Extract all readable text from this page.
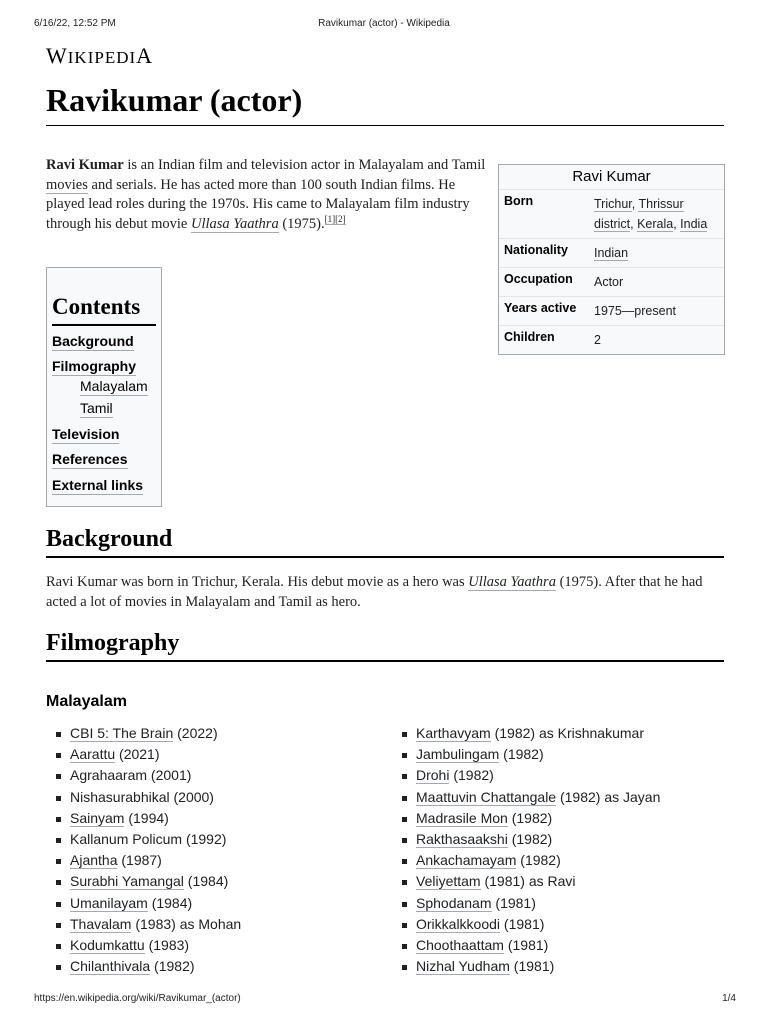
6/16/22, 12:52 PM	Ravikumar (actor) - Wikipedia
WIKIPEDIA
Ravikumar (actor)
Ravi Kumar is an Indian film and television actor in Malayalam and Tamil movies and serials. He has acted more than 100 south Indian films. He played lead roles during the 1970s. His came to Malayalam film industry through his debut movie Ullasa Yaathra (1975).[1][2]
Ravi Kumar
Born	Trichur, Thrissur district, Kerala, India
Nationality	Indian
Occupation	Actor
Years active	1975—present
Children	2
Contents
Background
Filmography
Malayalam
Tamil
Television
References
External links
Background
Ravi Kumar was born in Trichur, Kerala. His debut movie as a hero was Ullasa Yaathra (1975). After that he had acted a lot of movies in Malayalam and Tamil as hero.
Filmography
Malayalam
CBI 5: The Brain (2022)
Aarattu (2021)
Agrahaaram (2001)
Nishasurabhikal (2000)
Sainyam (1994)
Kallanum Policum (1992)
Ajantha (1987)
Surabhi Yamangal (1984)
Umanilayam (1984)
Thavalam (1983) as Mohan
Kodumkattu (1983)
Chilanthivala (1982)
Karthavyam (1982) as Krishnakumar
Jambulingam (1982)
Drohi (1982)
Maattuvin Chattangale (1982) as Jayan
Madrasile Mon (1982)
Rakthasaakshi (1982)
Ankachamayam (1982)
Veliyettam (1981) as Ravi
Sphodanam (1981)
Orikkalkkoodi (1981)
Choothaattam (1981)
Nizhal Yudham (1981)
https://en.wikipedia.org/wiki/Ravikumar_(actor)	1/4
